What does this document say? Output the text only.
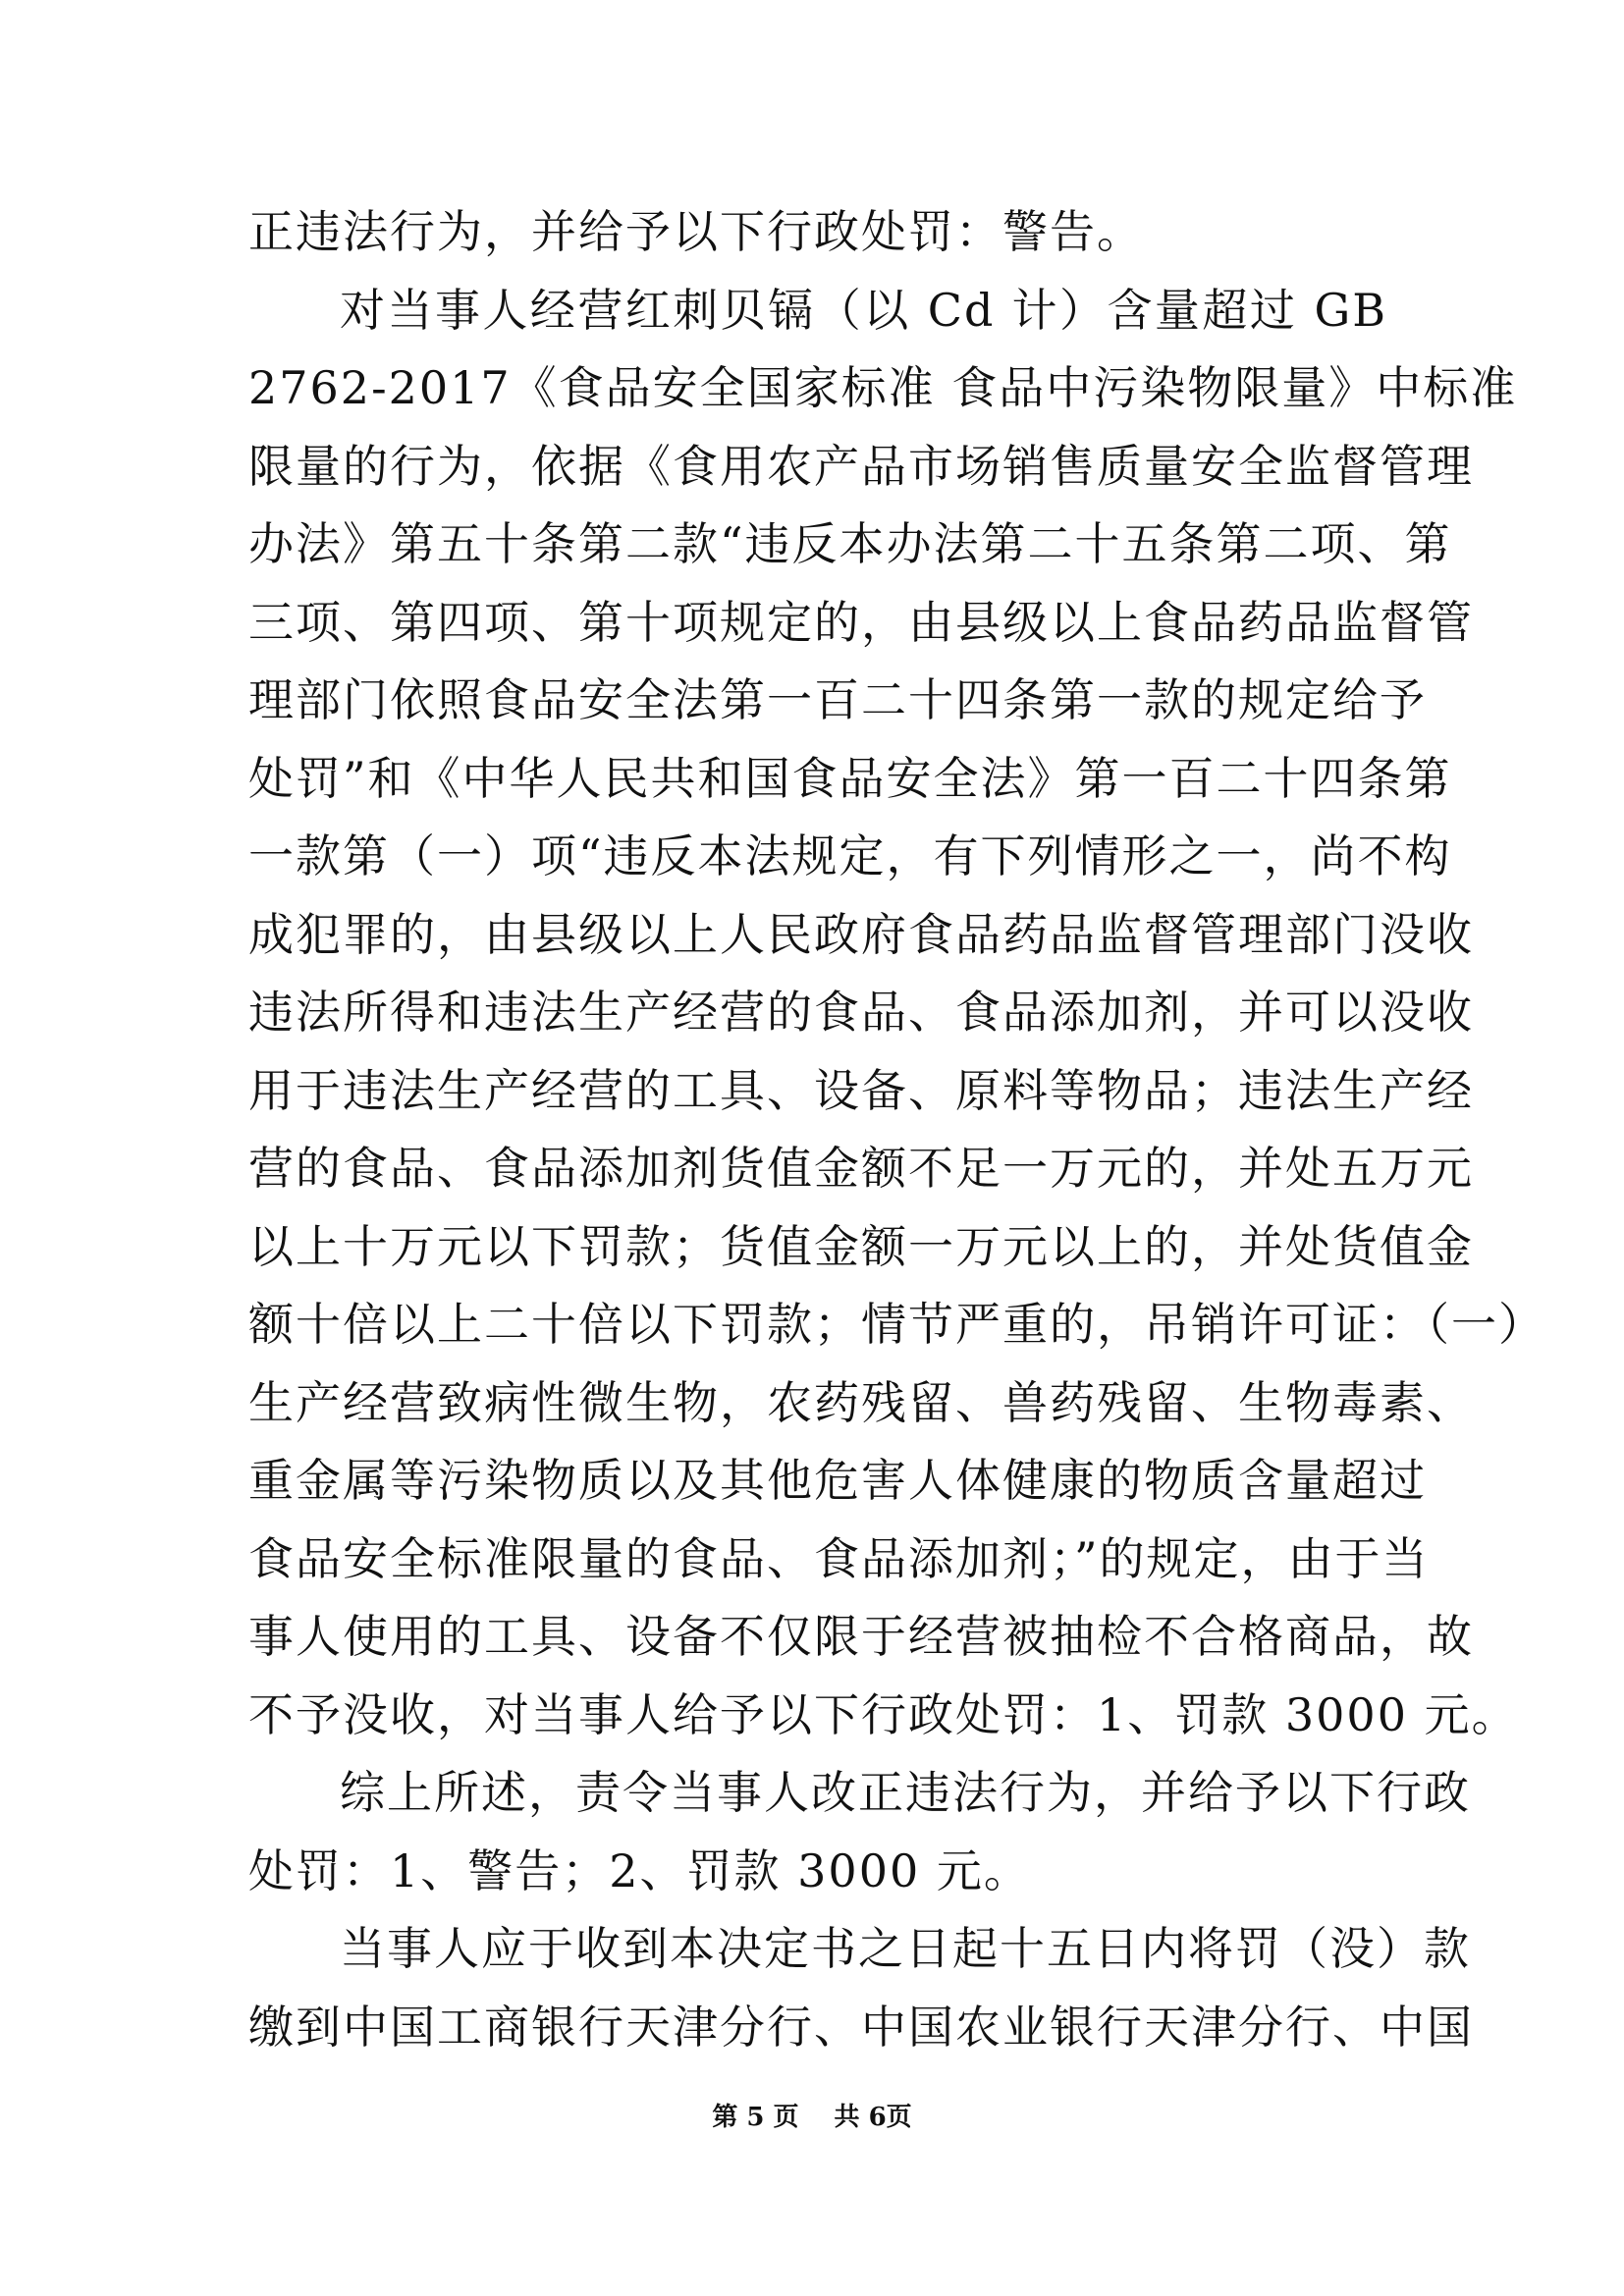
正违法行为，并给予以下行政处罚：警告。
对当事人经营红刺贝镉（以 Cd 计）含量超过 GB
2762-2017《食品安全国家标准 食品中污染物限量》中标准
限量的行为，依据《食用农产品市场销售质量安全监督管理
办法》第五十条第二款“违反本办法第二十五条第二项、第
三项、第四项、第十项规定的，由县级以上食品药品监督管
理部门依照食品安全法第一百二十四条第一款的规定给予
处罚”和《中华人民共和国食品安全法》第一百二十四条第
一款第（一）项“违反本法规定，有下列情形之一，尚不构
成犯罪的，由县级以上人民政府食品药品监督管理部门没收
违法所得和违法生产经营的食品、食品添加剂，并可以没收
用于违法生产经营的工具、设备、原料等物品；违法生产经
营的食品、食品添加剂货值金额不足一万元的，并处五万元
以上十万元以下罚款；货值金额一万元以上的，并处货值金
额十倍以上二十倍以下罚款；情节严重的，吊销许可证：（一）
生产经营致病性微生物，农药残留、兽药残留、生物毒素、
重金属等污染物质以及其他危害人体健康的物质含量超过
食品安全标准限量的食品、食品添加剂；”的规定，由于当
事人使用的工具、设备不仅限于经营被抽检不合格商品，故
不予没收，对当事人给予以下行政处罚：1、罚款 3000 元。
综上所述，责令当事人改正违法行为，并给予以下行政
处罚：1、警告；2、罚款 3000 元。
当事人应于收到本决定书之日起十五日内将罚（没）款
缴到中国工商银行天津分行、中国农业银行天津分行、中国
第 5 页 共 6页
